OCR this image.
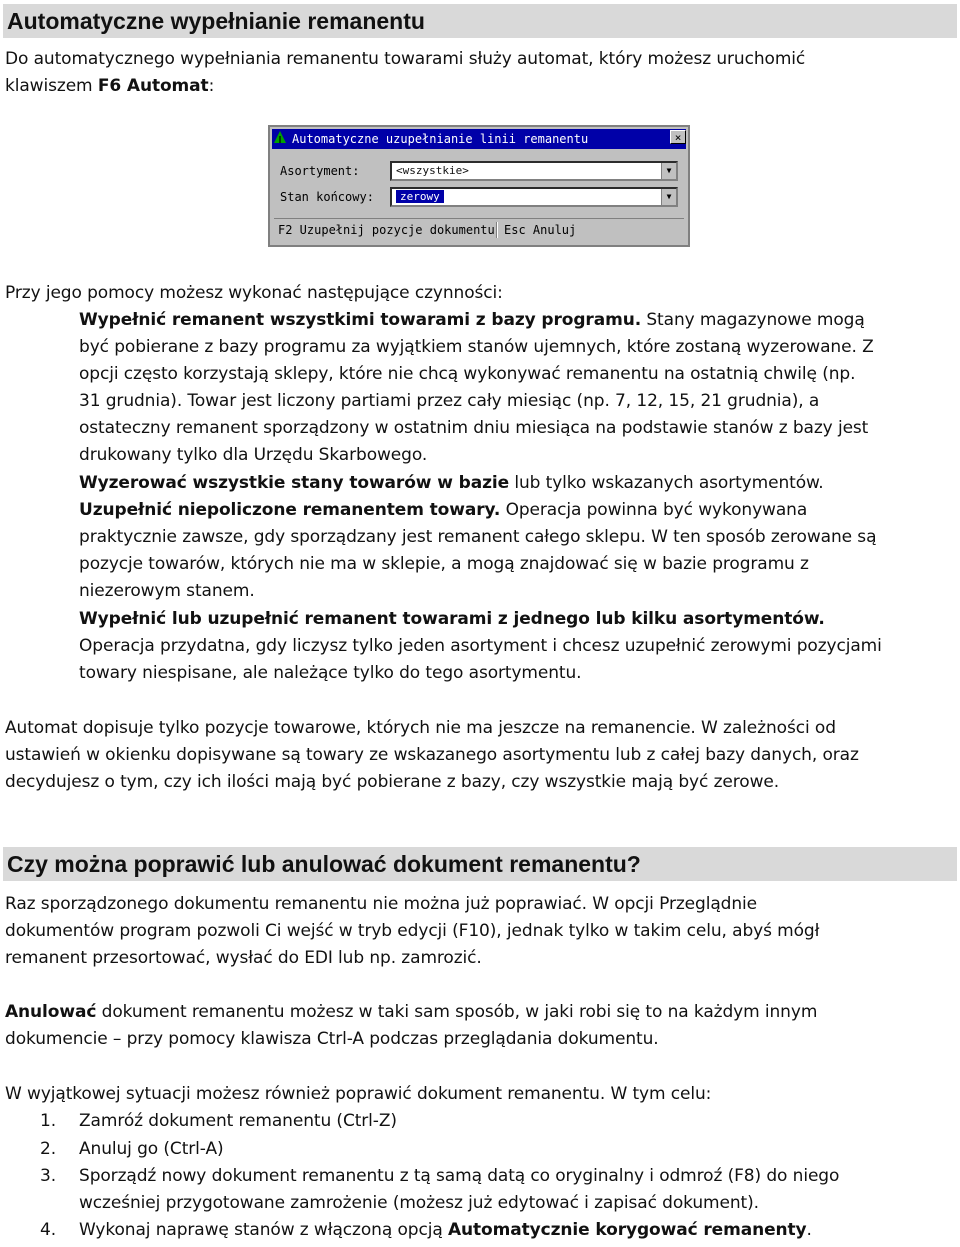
Automatyczne wypełnianie remanentu
Do automatycznego wypełniania remanentu towarami służy automat, który możesz uruchomić
klawiszem F6 Automat:
Automatyczne uzupełnianie linii remanentu	×
Asortyment:	<wszystkie>	▼
Stan końcowy:	zerowy	▼
F2 Uzupełnij pozycje dokumentu Esc Anuluj
Przy jego pomocy możesz wykonać następujące czynności:
Wypełnić remanent wszystkimi towarami z bazy programu. Stany magazynowe mogą
być pobierane z bazy programu za wyjątkiem stanów ujemnych, które zostaną wyzerowane. Z
opcji często korzystają sklepy, które nie chcą wykonywać remanentu na ostatnią chwilę (np.
31 grudnia). Towar jest liczony partiami przez cały miesiąc (np. 7, 12, 15, 21 grudnia), a
ostateczny remanent sporządzony w ostatnim dniu miesiąca na podstawie stanów z bazy jest
drukowany tylko dla Urzędu Skarbowego.
Wyzerować wszystkie stany towarów w bazie lub tylko wskazanych asortymentów.
Uzupełnić niepoliczone remanentem towary. Operacja powinna być wykonywana
praktycznie zawsze, gdy sporządzany jest remanent całego sklepu. W ten sposób zerowane są
pozycje towarów, których nie ma w sklepie, a mogą znajdować się w bazie programu z
niezerowym stanem.
Wypełnić lub uzupełnić remanent towarami z jednego lub kilku asortymentów.
Operacja przydatna, gdy liczysz tylko jeden asortyment i chcesz uzupełnić zerowymi pozycjami
towary niespisane, ale należące tylko do tego asortymentu.
Automat dopisuje tylko pozycje towarowe, których nie ma jeszcze na remanencie. W zależności od
ustawień w okienku dopisywane są towary ze wskazanego asortymentu lub z całej bazy danych, oraz
decydujesz o tym, czy ich ilości mają być pobierane z bazy, czy wszystkie mają być zerowe.
Czy można poprawić lub anulować dokument remanentu?
Raz sporządzonego dokumentu remanentu nie można już poprawiać. W opcji Przeglądnie
dokumentów program pozwoli Ci wejść w tryb edycji (F10), jednak tylko w takim celu, abyś mógł
remanent przesortować, wysłać do EDI lub np. zamrozić.
Anulować dokument remanentu możesz w taki sam sposób, w jaki robi się to na każdym innym
dokumencie – przy pomocy klawisza Ctrl-A podczas przeglądania dokumentu.
W wyjątkowej sytuacji możesz również poprawić dokument remanentu. W tym celu:
1. Zamróź dokument remanentu (Ctrl-Z)
2. Anuluj go (Ctrl-A)
3. Sporządź nowy dokument remanentu z tą samą datą co oryginalny i odmroź (F8) do niego
wcześniej przygotowane zamrożenie (możesz już edytować i zapisać dokument).
4. Wykonaj naprawę stanów z włączoną opcją Automatycznie korygować remanenty.
